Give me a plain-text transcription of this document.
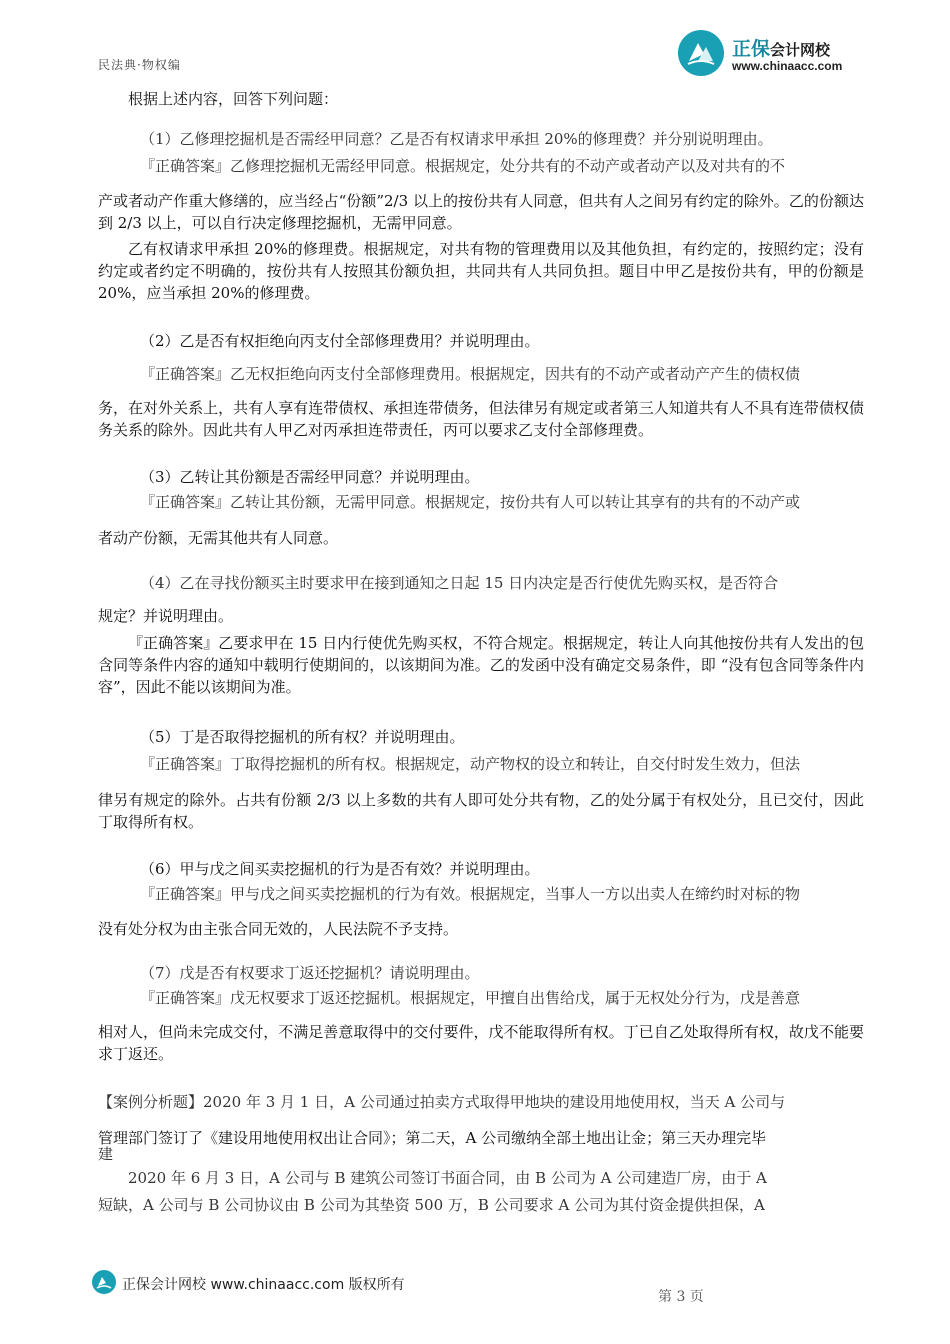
民法典·物权编
正保会计网校
www.chinaacc.com
根据上述内容，回答下列问题：
（1）乙修理挖掘机是否需经甲同意？乙是否有权请求甲承担 20%的修理费？并分别说明理由。
『正确答案』乙修理挖掘机无需经甲同意。根据规定，处分共有的不动产或者动产以及对共有的不
产或者动产作重大修缮的，应当经占“份额”2/3 以上的按份共有人同意，但共有人之间另有约定的除外。乙的份额达到 2/3 以上，可以自行决定修理挖掘机，无需甲同意。
乙有权请求甲承担 20%的修理费。根据规定，对共有物的管理费用以及其他负担，有约定的，按照约定；没有约定或者约定不明确的，按份共有人按照其份额负担，共同共有人共同负担。题目中甲乙是按份共有，甲的份额是 20%，应当承担 20%的修理费。
（2）乙是否有权拒绝向丙支付全部修理费用？并说明理由。
『正确答案』乙无权拒绝向丙支付全部修理费用。根据规定，因共有的不动产或者动产产生的债权债
务，在对外关系上，共有人享有连带债权、承担连带债务，但法律另有规定或者第三人知道共有人不具有连带债权债务关系的除外。因此共有人甲乙对丙承担连带责任，丙可以要求乙支付全部修理费。
（3）乙转让其份额是否需经甲同意？并说明理由。
『正确答案』乙转让其份额，无需甲同意。根据规定，按份共有人可以转让其享有的共有的不动产或
者动产份额，无需其他共有人同意。
（4）乙在寻找份额买主时要求甲在接到通知之日起 15 日内决定是否行使优先购买权，是否符合
规定？并说明理由。
『正确答案』乙要求甲在 15 日内行使优先购买权，不符合规定。根据规定，转让人向其他按份共有人发出的包含同等条件内容的通知中载明行使期间的，以该期间为准。乙的发函中没有确定交易条件，即 “没有包含同等条件内容”，因此不能以该期间为准。
（5）丁是否取得挖掘机的所有权？并说明理由。
『正确答案』丁取得挖掘机的所有权。根据规定，动产物权的设立和转让，自交付时发生效力，但法
律另有规定的除外。占共有份额 2/3 以上多数的共有人即可处分共有物，乙的处分属于有权处分，且已交付，因此丁取得所有权。
（6）甲与戊之间买卖挖掘机的行为是否有效？并说明理由。
『正确答案』甲与戊之间买卖挖掘机的行为有效。根据规定，当事人一方以出卖人在缔约时对标的物
没有处分权为由主张合同无效的，人民法院不予支持。
（7）戊是否有权要求丁返还挖掘机？请说明理由。
『正确答案』戊无权要求丁返还挖掘机。根据规定，甲擅自出售给戊，属于无权处分行为，戊是善意
相对人，但尚未完成交付，不满足善意取得中的交付要件，戊不能取得所有权。丁已自乙处取得所有权，故戊不能要求丁返还。
【案例分析题】2020 年 3 月 1 日，A 公司通过拍卖方式取得甲地块的建设用地使用权，当天 A 公司与
管理部门签订了《建设用地使用权出让合同》；第二天，A 公司缴纳全部土地出让金；第三天办理完毕
建
2020 年 6 月 3 日，A 公司与 B 建筑公司签订书面合同，由 B 公司为 A 公司建造厂房，由于 A
短缺，A 公司与 B 公司协议由 B 公司为其垫资 500 万，B 公司要求 A 公司为其付资金提供担保，A
正保会计网校 www.chinaacc.com 版权所有
第 3 页
